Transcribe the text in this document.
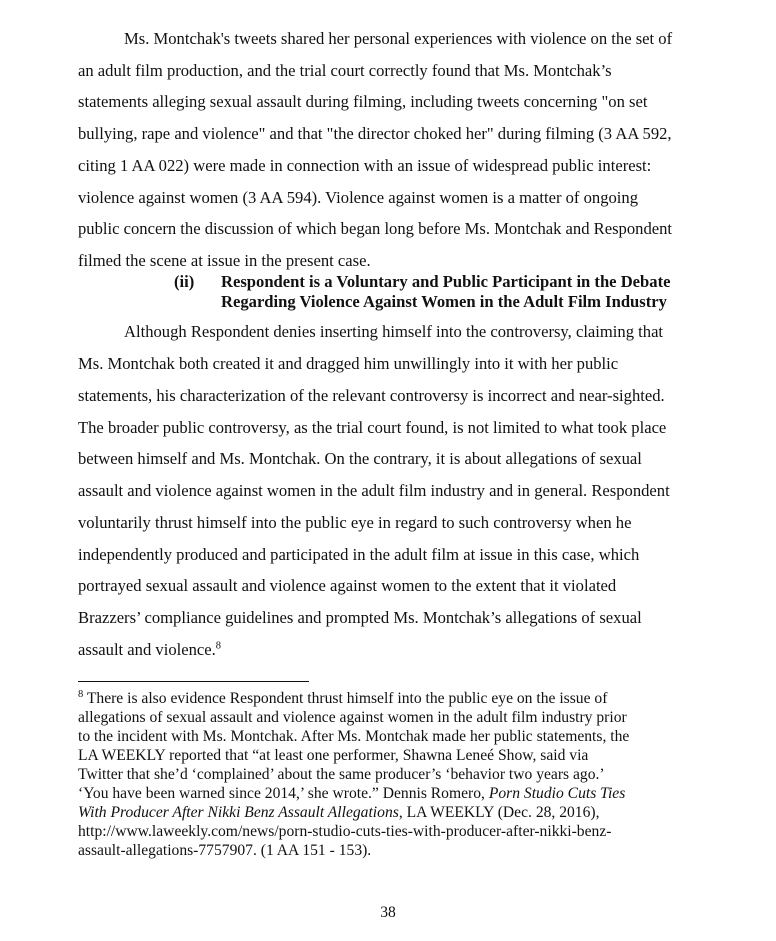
Ms. Montchak's tweets shared her personal experiences with violence on the set of
an adult film production, and the trial court correctly found that Ms. Montchak’s
statements alleging sexual assault during filming, including tweets concerning "on set
bullying, rape and violence" and that "the director choked her" during filming (3 AA 592,
citing 1 AA 022) were made in connection with an issue of widespread public interest:
violence against women (3 AA 594). Violence against women is a matter of ongoing
public concern the discussion of which began long before Ms. Montchak and Respondent
filmed the scene at issue in the present case.
(ii) Respondent is a Voluntary and Public Participant in the Debate
Regarding Violence Against Women in the Adult Film Industry
Although Respondent denies inserting himself into the controversy, claiming that
Ms. Montchak both created it and dragged him unwillingly into it with her public
statements, his characterization of the relevant controversy is incorrect and near-sighted.
The broader public controversy, as the trial court found, is not limited to what took place
between himself and Ms. Montchak. On the contrary, it is about allegations of sexual
assault and violence against women in the adult film industry and in general. Respondent
voluntarily thrust himself into the public eye in regard to such controversy when he
independently produced and participated in the adult film at issue in this case, which
portrayed sexual assault and violence against women to the extent that it violated
Brazzers’ compliance guidelines and prompted Ms. Montchak’s allegations of sexual
assault and violence.$^8$
$^8$ There is also evidence Respondent thrust himself into the public eye on the issue of
allegations of sexual assault and violence against women in the adult film industry prior
to the incident with Ms. Montchak. After Ms. Montchak made her public statements, the
LA WEEKLY reported that “at least one performer, Shawna Leneé Show, said via
Twitter that she’d ‘complained’ about the same producer’s ‘behavior two years ago.’
‘You have been warned since 2014,’ she wrote.” Dennis Romero, Porn Studio Cuts Ties
With Producer After Nikki Benz Assault Allegations, LA WEEKLY (Dec. 28, 2016),
http://www.laweekly.com/news/porn-studio-cuts-ties-with-producer-after-nikki-benz-
assault-allegations-7757907. (1 AA 151 - 153).
38
